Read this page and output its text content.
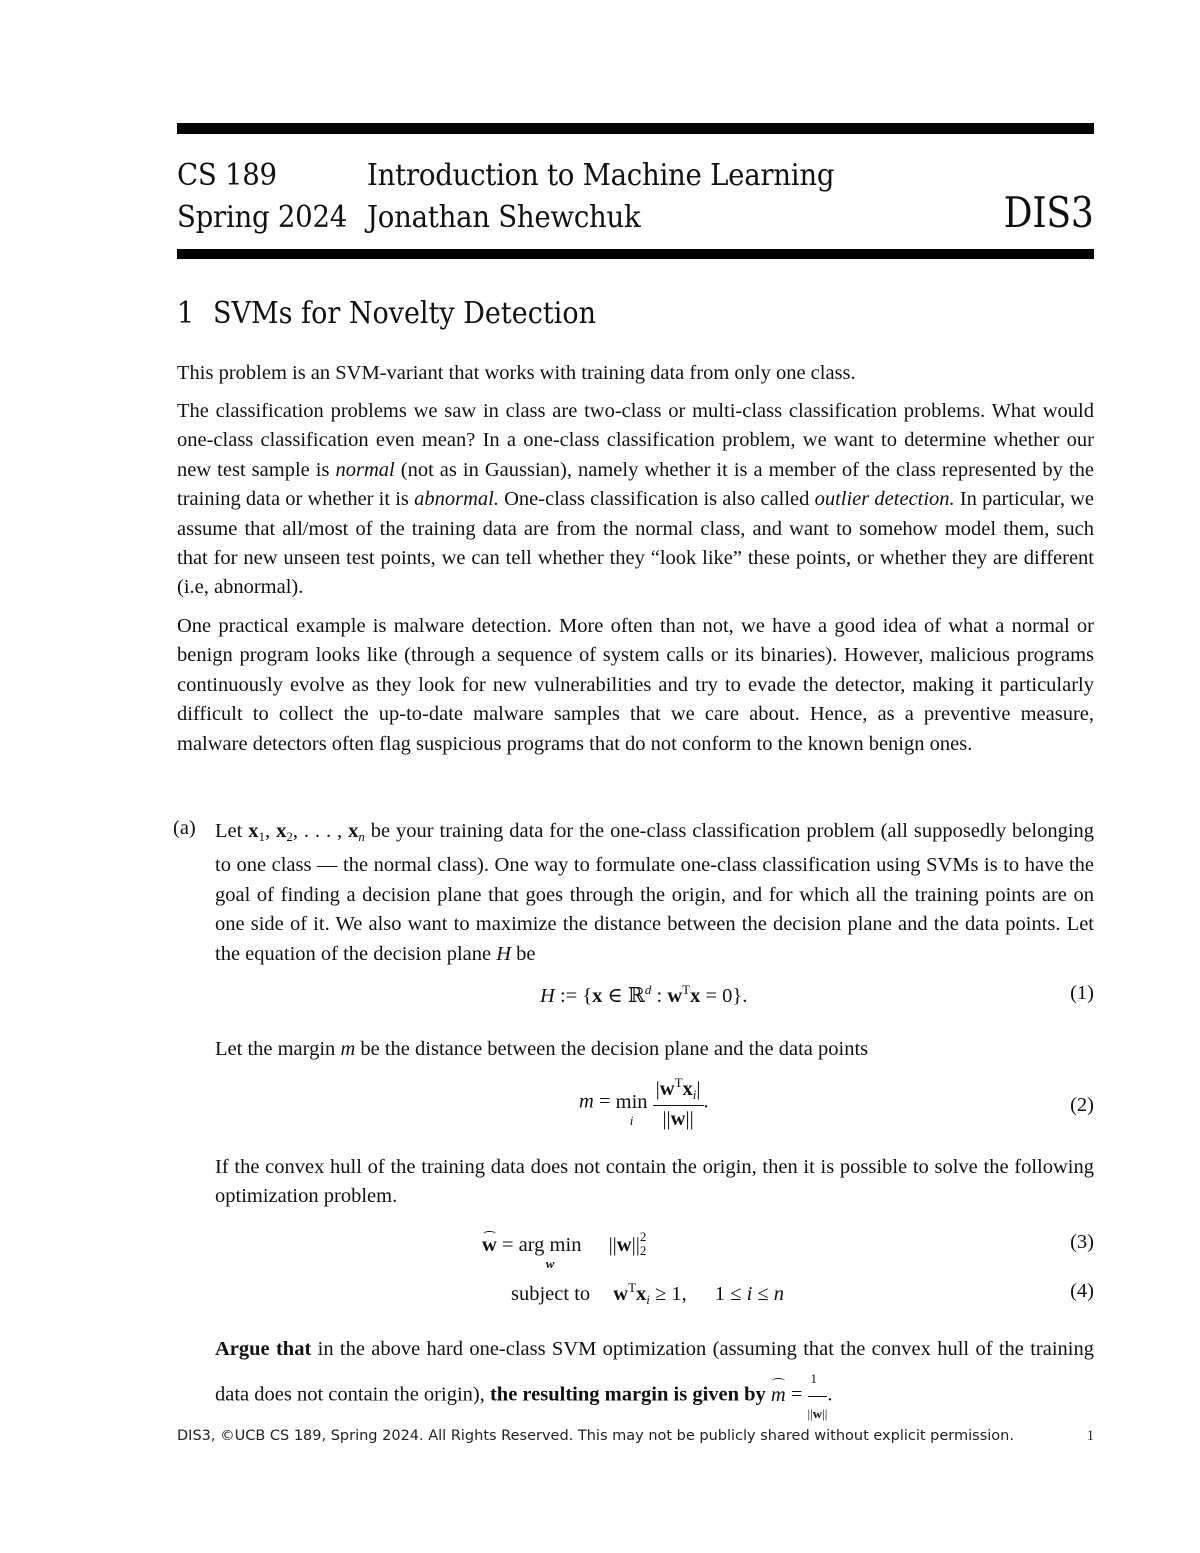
CS 189
Spring 2024
Introduction to Machine Learning
Jonathan Shewchuk	DIS3
1 SVMs for Novelty Detection

This problem is an SVM-variant that works with training data from only one class.

The classification problems we saw in class are two-class or multi-class classification problems. What would one-class classification even mean? In a one-class classification problem, we want to determine whether our new test sample is normal (not as in Gaussian), namely whether it is a member of the class represented by the training data or whether it is abnormal. One-class classification is also called outlier detection. In particular, we assume that all/most of the training data are from the normal class, and want to somehow model them, such that for new unseen test points, we can tell whether they “look like” these points, or whether they are different (i.e, abnormal).

One practical example is malware detection. More often than not, we have a good idea of what a normal or benign program looks like (through a sequence of system calls or its binaries). However, malicious programs continuously evolve as they look for new vulnerabilities and try to evade the detector, making it particularly difficult to collect the up-to-date malware samples that we care about. Hence, as a preventive measure, malware detectors often flag suspicious programs that do not conform to the known benign ones.

(a) Let $x_1$, $x_2$, . . . , $x_n$ be your training data for the one-class classification problem (all supposedly belonging to one class — the normal class). One way to formulate one-class classification using SVMs is to have the goal of finding a decision plane that goes through the origin, and for which all the training points are on one side of it. We also want to maximize the distance between the decision plane and the data points. Let the equation of the decision plane H be

H := {x ∈ ℝ$^d$ : $w^Tx = 0$}.	(1)

Let the margin m be the distance between the decision plane and the data points

m = min
i
$\frac{|w^Tx_i|}{||w||}$ .	(2)

If the convex hull of the training data does not contain the origin, then it is possible to solve the following optimization problem.

w = arg min
w
||w|| $^{2 2}$
	(3)
subject to $w^Tx_i \ge 1$, 1 ≤ i ≤ n	(4)

Argue that in the above hard one-class SVM optimization (assuming that the convex hull of the training data does not contain the origin), the resulting margin is given by $m = \frac{1}{||w||}$ .

DIS3, ©UCB CS 189, Spring 2024. All Rights Reserved. This may not be publicly shared without explicit permission.	1
